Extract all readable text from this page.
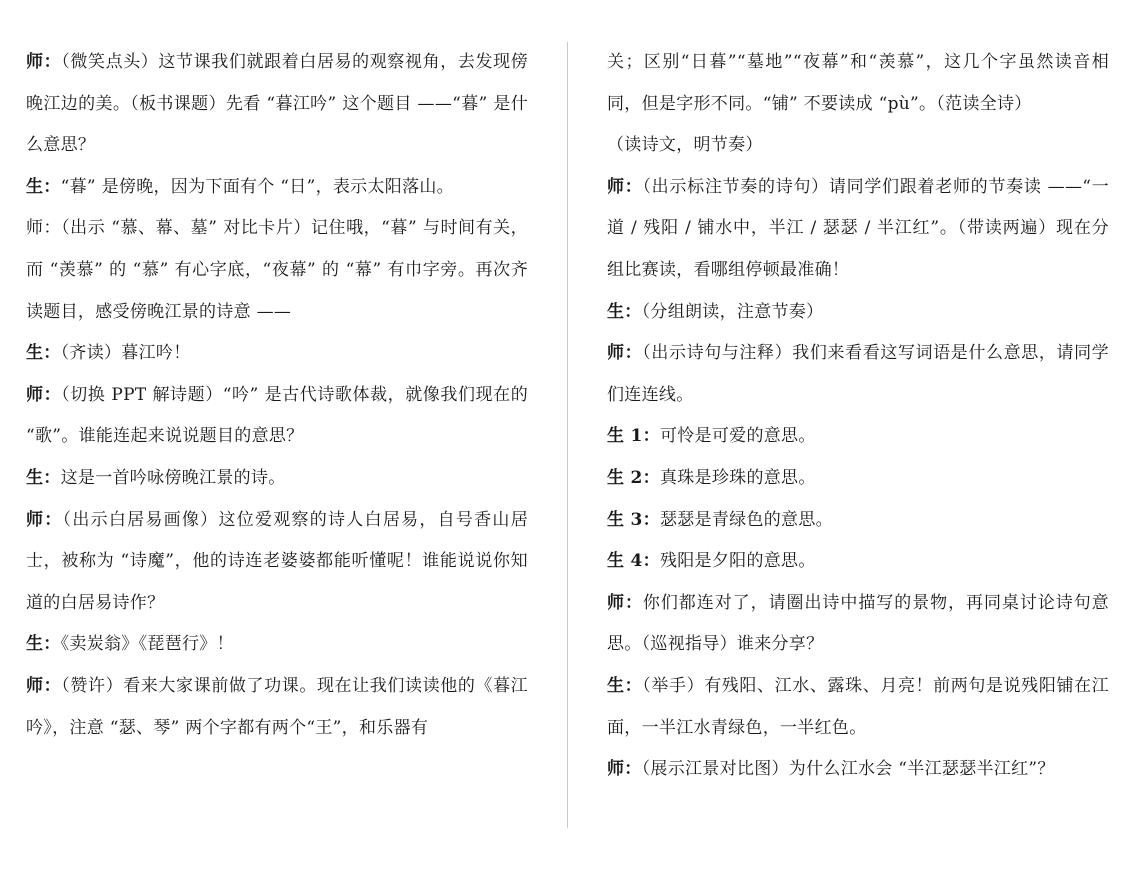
师：（微笑点头）这节课我们就跟着白居易的观察视角，去发现傍晚江边的美。（板书课题）先看 “暮江吟” 这个题目 ——“暮” 是什么意思？

生：“暮” 是傍晚，因为下面有个 “日”，表示太阳落山。

师：（出示 “慕、幕、墓” 对比卡片）记住哦，“暮” 与时间有关，而 “羡慕” 的 “慕” 有心字底，“夜幕” 的 “幕” 有巾字旁。再次齐读题目，感受傍晚江景的诗意 ——

生：（齐读）暮江吟！

师：（切换 PPT 解诗题）“吟” 是古代诗歌体裁，就像我们现在的 “歌”。谁能连起来说说题目的意思？

生：这是一首吟咏傍晚江景的诗。

师：（出示白居易画像）这位爱观察的诗人白居易，自号香山居士，被称为 “诗魔”，他的诗连老婆婆都能听懂呢！谁能说说你知道的白居易诗作？

生：《卖炭翁》《琵琶行》！

师：（赞许）看来大家课前做了功课。现在让我们读读他的《暮江吟》，注意 “瑟、琴” 两个字都有两个“王”，和乐器有

关；区别“日暮”“墓地”“夜幕”和“羡慕”，这几个字虽然读音相同，但是字形不同。“铺” 不要读成 “pù”。（范读全诗）

（读诗文，明节奏）

师：（出示标注节奏的诗句）请同学们跟着老师的节奏读 ——“一道 / 残阳 / 铺水中，半江 / 瑟瑟 / 半江红”。（带读两遍）现在分组比赛读，看哪组停顿最准确！

生：（分组朗读，注意节奏）

师：（出示诗句与注释）我们来看看这写词语是什么意思，请同学们连连线。

生 1：可怜是可爱的意思。

生 2：真珠是珍珠的意思。

生 3：瑟瑟是青绿色的意思。

生 4：残阳是夕阳的意思。

师：你们都连对了，请圈出诗中描写的景物，再同桌讨论诗句意思。（巡视指导）谁来分享？

生：（举手）有残阳、江水、露珠、月亮！前两句是说残阳铺在江面，一半江水青绿色，一半红色。

师：（展示江景对比图）为什么江水会 “半江瑟瑟半江红”？
